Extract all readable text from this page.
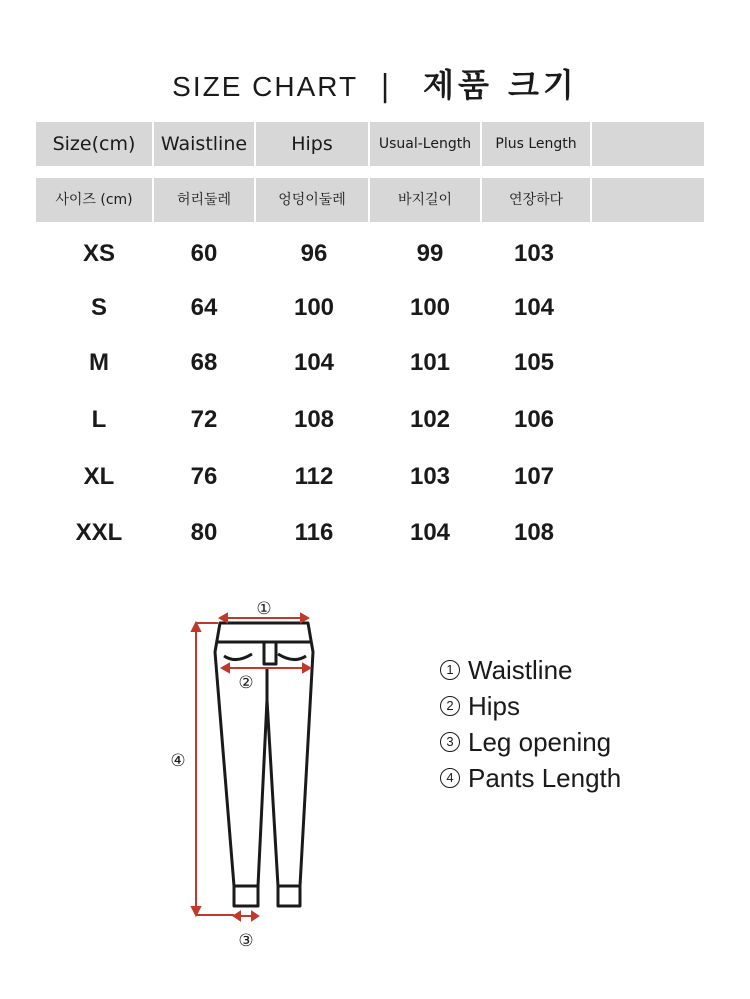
SIZE CHART | 제품 크기
Size(cm)	Waistline	Hips	Usual-Length	Plus Length
사이즈 (cm)	허리둘레	엉덩이둘레	바지길이	연장하다
XS	60	96	99	103
S	64	100	100	104
M	68	104	101	105
L	72	108	102	106
XL	76	112	103	107
XXL	80	116	104	108
①
②
③
④
1 Waistline
2 Hips
3 Leg opening
4 Pants Length
